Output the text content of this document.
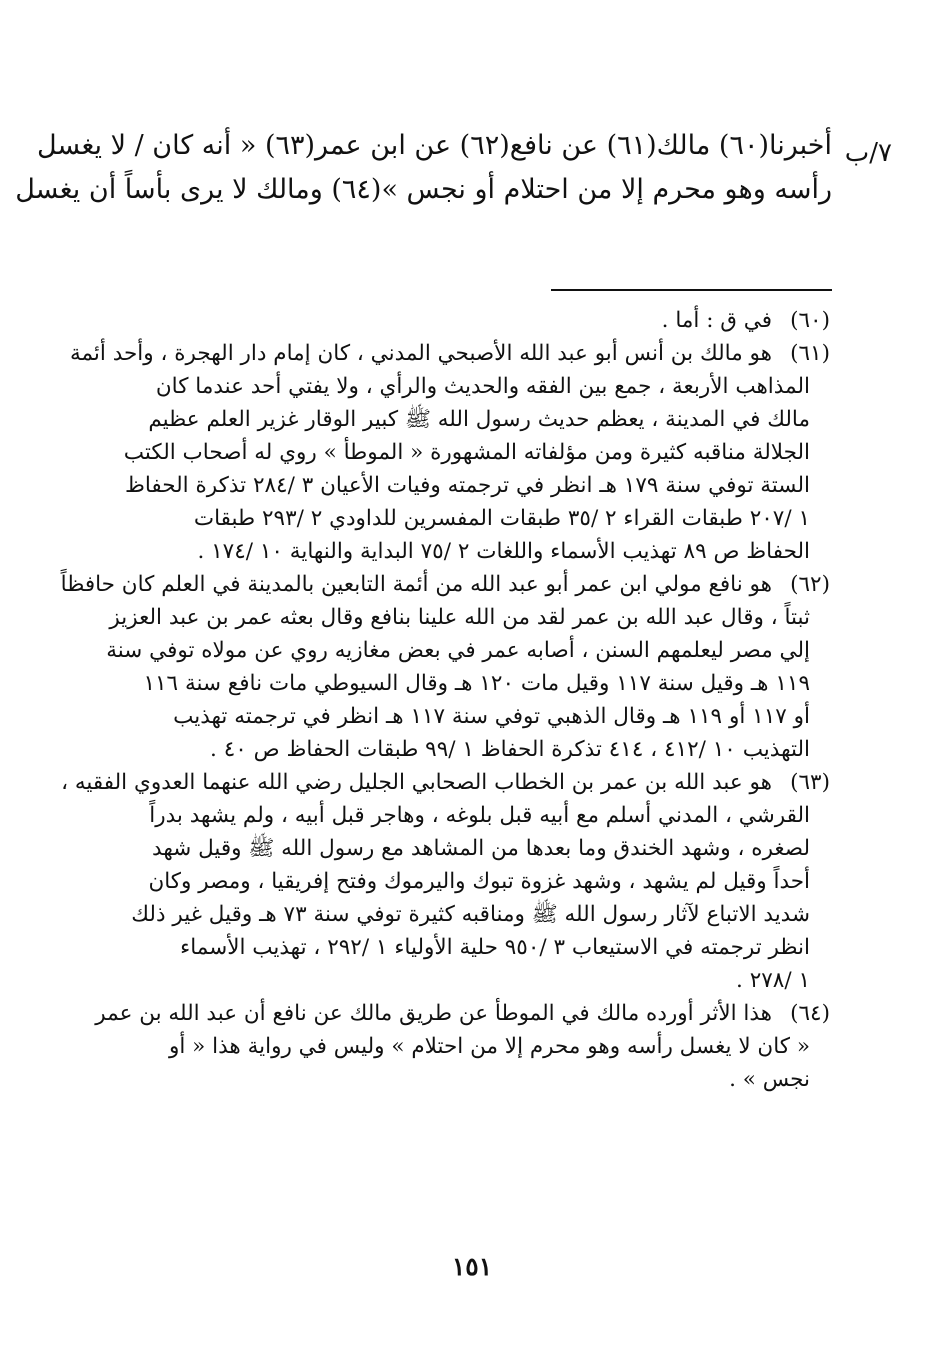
٧/ب
أخبرنا(٦٠) مالك(٦١) عن نافع(٦٢) عن ابن عمر(٦٣) « أنه كان / لا يغسل
رأسه وهو محرم إلا من احتلام أو نجس »(٦٤) ومالك لا يرى بأساً أن يغسل
(٦٠)
في ق : أما .
(٦١)
هو مالك بن أنس أبو عبد الله الأصبحي المدني ، كان إمام دار الهجرة ، وأحد أئمة
المذاهب الأربعة ، جمع بين الفقه والحديث والرأي ، ولا يفتي أحد عندما كان
مالك في المدينة ، يعظم حديث رسول الله ﷺ كبير الوقار غزير العلم عظيم
الجلالة مناقبه كثيرة ومن مؤلفاته المشهورة « الموطأ » روي له أصحاب الكتب
الستة توفي سنة ١٧٩ هـ انظر في ترجمته وفيات الأعيان ٣ /٢٨٤ تذكرة الحفاظ
١ /٢٠٧ طبقات القراء ٢ /٣٥ طبقات المفسرين للداودي ٢ /٢٩٣ طبقات
الحفاظ ص ٨٩ تهذيب الأسماء واللغات ٢ /٧٥ البداية والنهاية ١٠ /١٧٤ .
(٦٢)
هو نافع مولي ابن عمر أبو عبد الله من أئمة التابعين بالمدينة في العلم كان حافظاً
ثبتاً ، وقال عبد الله بن عمر لقد من الله علينا بنافع وقال بعثه عمر بن عبد العزيز
إلي مصر ليعلمهم السنن ، أصابه عمر في بعض مغازيه روي عن مولاه توفي سنة
١١٩ هـ وقيل سنة ١١٧ وقيل مات ١٢٠ هـ وقال السيوطي مات نافع سنة ١١٦
أو ١١٧ أو ١١٩ هـ وقال الذهبي توفي سنة ١١٧ هـ انظر في ترجمته تهذيب
التهذيب ١٠ /٤١٢ ، ٤١٤ تذكرة الحفاظ ١ /٩٩ طبقات الحفاظ ص ٤٠ .
(٦٣)
هو عبد الله بن عمر بن الخطاب الصحابي الجليل رضي الله عنهما العدوي الفقيه ،
القرشي ، المدني أسلم مع أبيه قبل بلوغه ، وهاجر قبل أبيه ، ولم يشهد بدراً
لصغره ، وشهد الخندق وما بعدها من المشاهد مع رسول الله ﷺ وقيل شهد
أحداً وقيل لم يشهد ، وشهد غزوة تبوك واليرموك وفتح إفريقيا ، ومصر وكان
شديد الاتباع لآثار رسول الله ﷺ ومناقبه كثيرة توفي سنة ٧٣ هـ وقيل غير ذلك
انظر ترجمته في الاستيعاب ٣ /٩٥٠ حلية الأولياء ١ /٢٩٢ ، تهذيب الأسماء
١ /٢٧٨ .
(٦٤)
هذا الأثر أورده مالك في الموطأ عن طريق مالك عن نافع أن عبد الله بن عمر
« كان لا يغسل رأسه وهو محرم إلا من احتلام » وليس في رواية هذا « أو
نجس » .
١٥١
